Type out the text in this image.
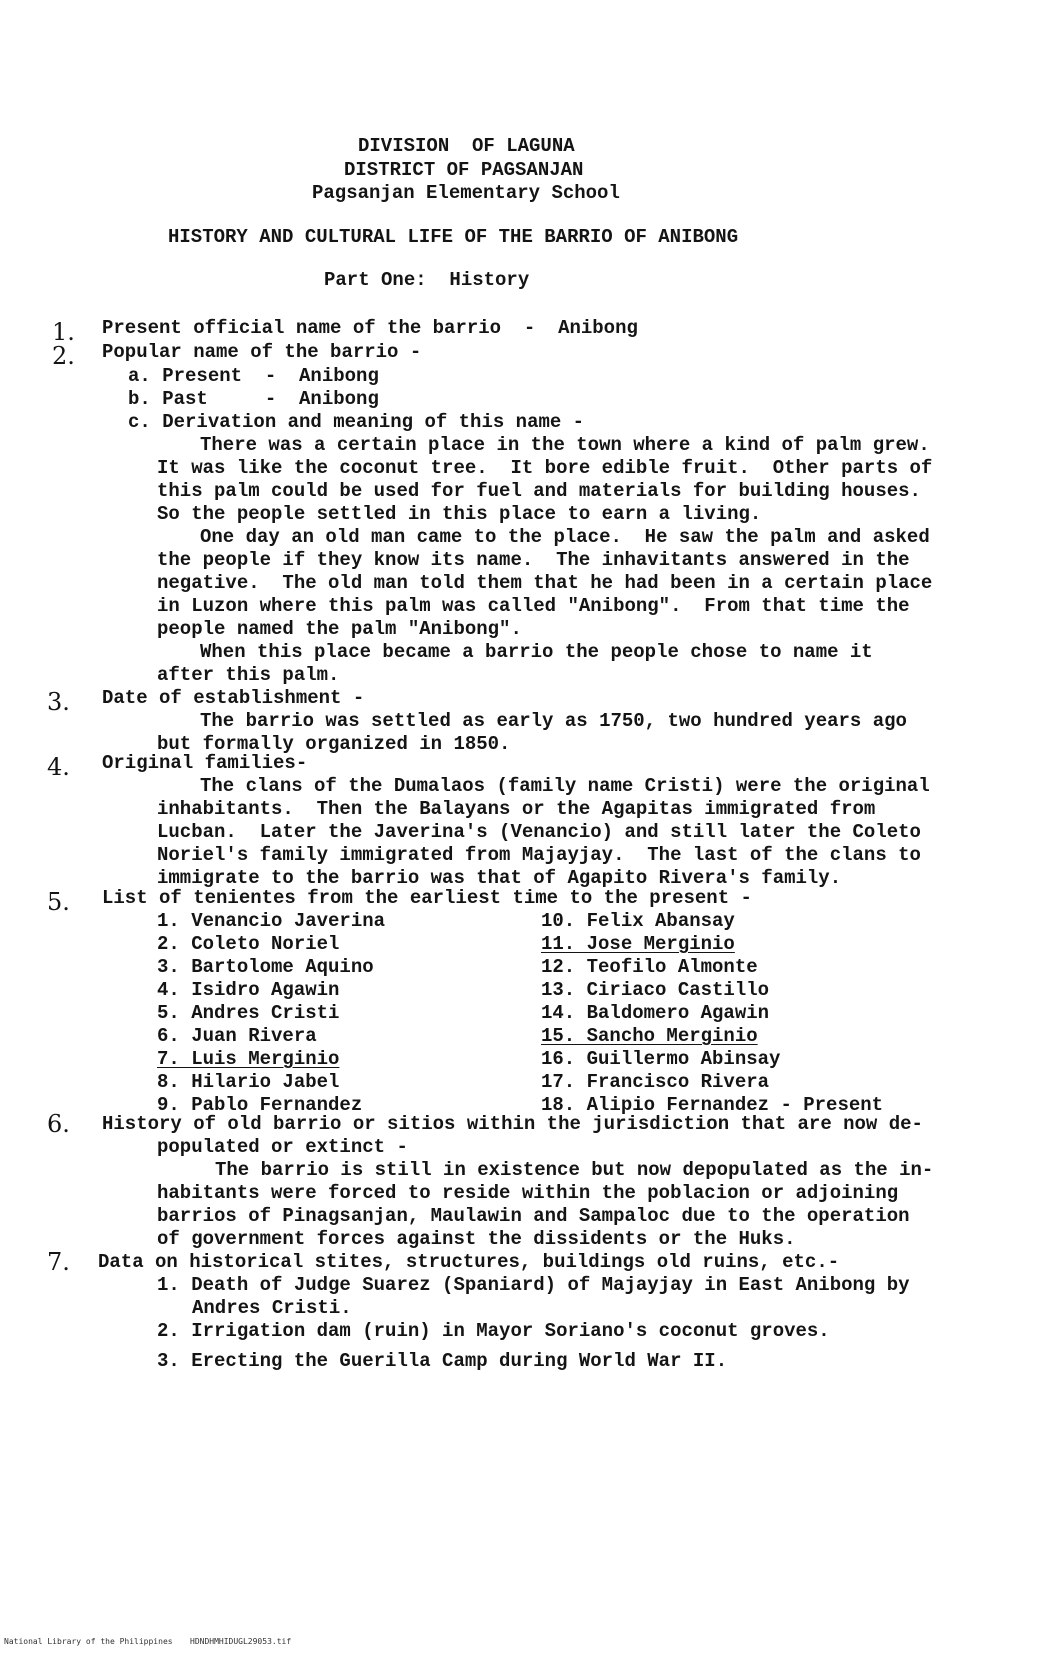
DIVISION  OF LAGUNA
DISTRICT OF PAGSANJAN
Pagsanjan Elementary School
HISTORY AND CULTURAL LIFE OF THE BARRIO OF ANIBONG
Part One:  History
1. Present official name of the barrio  -  Anibong
2. Popular name of the barrio -
a. Present  -  Anibong
b. Past     -  Anibong
c. Derivation and meaning of this name -
There was a certain place in the town where a kind of palm grew.
It was like the coconut tree.  It bore edible fruit.  Other parts of
this palm could be used for fuel and materials for building houses.
So the people settled in this place to earn a living.
One day an old man came to the place.  He saw the palm and asked
the people if they know its name.  The inhavitants answered in the
negative.  The old man told them that he had been in a certain place
in Luzon where this palm was called "Anibong".  From that time the
people named the palm "Anibong".
When this place became a barrio the people chose to name it
after this palm.
3. Date of establishment -
The barrio was settled as early as 1750, two hundred years ago
but formally organized in 1850.
4. Original families-
The clans of the Dumalaos (family name Cristi) were the original
inhabitants.  Then the Balayans or the Agapitas immigrated from
Lucban.  Later the Javerina's (Venancio) and still later the Coleto
Noriel's family immigrated from Majayjay.  The last of the clans to
immigrate to the barrio was that of Agapito Rivera's family.
5. List of tenientes from the earliest time to the present -
1. Venancio Javerina
2. Coleto Noriel
3. Bartolome Aquino
4. Isidro Agawin
5. Andres Cristi
6. Juan Rivera
7. Luis Merginio
8. Hilario Jabel
9. Pablo Fernandez
10. Felix Abansay
11. Jose Merginio
12. Teofilo Almonte
13. Ciriaco Castillo
14. Baldomero Agawin
15. Sancho Merginio
16. Guillermo Abinsay
17. Francisco Rivera
18. Alipio Fernandez - Present
6. History of old barrio or sitios within the jurisdiction that are now de-
populated or extinct -
The barrio is still in existence but now depopulated as the in-
habitants were forced to reside within the poblacion or adjoining
barrios of Pinagsanjan, Maulawin and Sampaloc due to the operation
of government forces against the dissidents or the Huks.
7. Data on historical stites, structures, buildings old ruins, etc.-
1. Death of Judge Suarez (Spaniard) of Majayjay in East Anibong by
Andres Cristi.
2. Irrigation dam (ruin) in Mayor Soriano's coconut groves.
3. Erecting the Guerilla Camp during World War II.
National Library of the Philippines HDNDHMHIDUGL29053.tif
